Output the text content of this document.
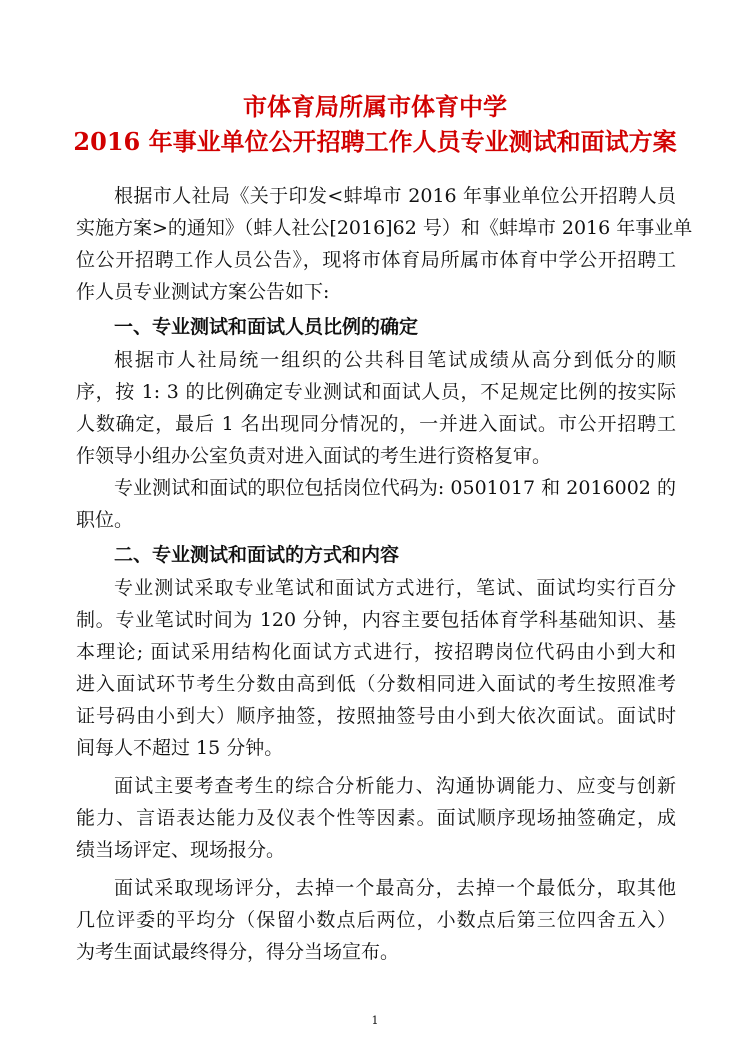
市体育局所属市体育中学
2016 年事业单位公开招聘工作人员专业测试和面试方案
根据市人社局《关于印发<蚌埠市 2016 年事业单位公开招聘人员
实施方案>的通知》（蚌人社公[2016]62 号）和《蚌埠市 2016 年事业单
位公开招聘工作人员公告》，现将市体育局所属市体育中学公开招聘工
作人员专业测试方案公告如下:
一、专业测试和面试人员比例的确定
根据市人社局统一组织的公共科目笔试成绩从高分到低分的顺
序，按 1: 3 的比例确定专业测试和面试人员，不足规定比例的按实际
人数确定，最后 1 名出现同分情况的，一并进入面试。市公开招聘工
作领导小组办公室负责对进入面试的考生进行资格复审。
专业测试和面试的职位包括岗位代码为: 0501017 和 2016002 的
职位。
二、专业测试和面试的方式和内容
专业测试采取专业笔试和面试方式进行，笔试、面试均实行百分
制。专业笔试时间为 120 分钟，内容主要包括体育学科基础知识、基
本理论; 面试采用结构化面试方式进行，按招聘岗位代码由小到大和
进入面试环节考生分数由高到低（分数相同进入面试的考生按照准考
证号码由小到大）顺序抽签，按照抽签号由小到大依次面试。面试时
间每人不超过 15 分钟。
面试主要考查考生的综合分析能力、沟通协调能力、应变与创新
能力、言语表达能力及仪表个性等因素。面试顺序现场抽签确定，成
绩当场评定、现场报分。
面试采取现场评分，去掉一个最高分，去掉一个最低分，取其他
几位评委的平均分（保留小数点后两位，小数点后第三位四舍五入）
为考生面试最终得分，得分当场宣布。
1
